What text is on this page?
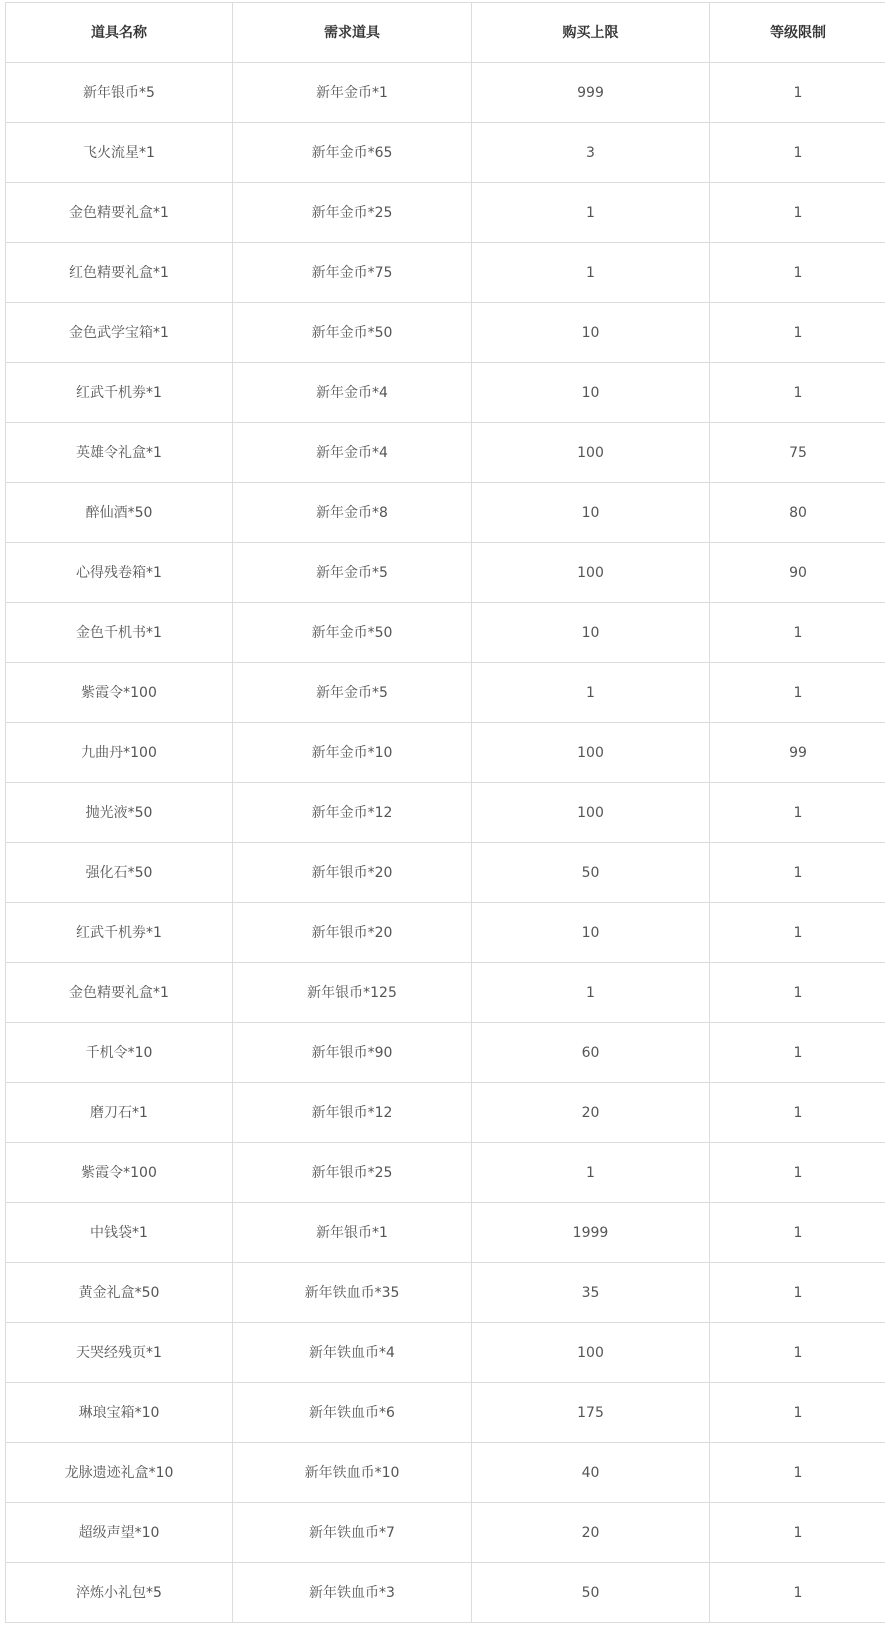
道具名称	需求道具	购买上限	等级限制
新年银币*5	新年金币*1	999	1
飞火流星*1	新年金币*65	3	1
金色精要礼盒*1	新年金币*25	1	1
红色精要礼盒*1	新年金币*75	1	1
金色武学宝箱*1	新年金币*50	10	1
红武千机劵*1	新年金币*4	10	1
英雄令礼盒*1	新年金币*4	100	75
醉仙酒*50	新年金币*8	10	80
心得残卷箱*1	新年金币*5	100	90
金色千机书*1	新年金币*50	10	1
紫霞令*100	新年金币*5	1	1
九曲丹*100	新年金币*10	100	99
抛光液*50	新年金币*12	100	1
强化石*50	新年银币*20	50	1
红武千机劵*1	新年银币*20	10	1
金色精要礼盒*1	新年银币*125	1	1
千机令*10	新年银币*90	60	1
磨刀石*1	新年银币*12	20	1
紫霞令*100	新年银币*25	1	1
中钱袋*1	新年银币*1	1999	1
黄金礼盒*50	新年铁血币*35	35	1
天哭经残页*1	新年铁血币*4	100	1
琳琅宝箱*10	新年铁血币*6	175	1
龙脉遗迹礼盒*10	新年铁血币*10	40	1
超级声望*10	新年铁血币*7	20	1
淬炼小礼包*5	新年铁血币*3	50	1
